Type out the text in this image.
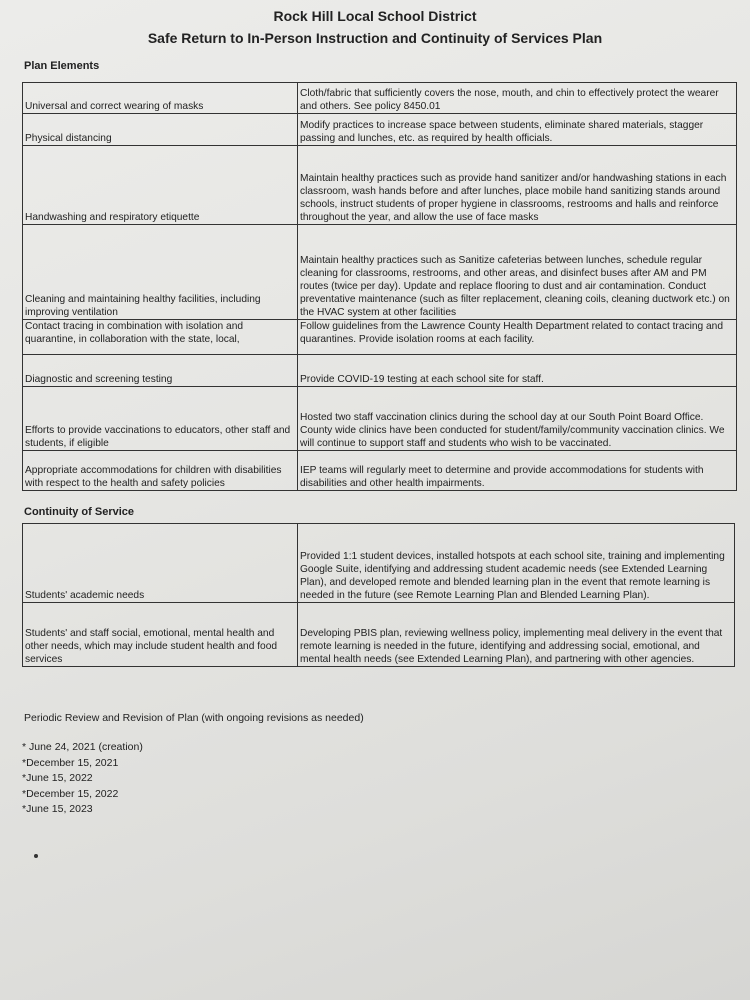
Rock Hill Local School District
Safe Return to In-Person Instruction and Continuity of Services Plan
Plan Elements
Universal and correct wearing of masks	Cloth/fabric that sufficiently covers the nose, mouth, and chin to effectively protect the wearer and others. See policy 8450.01
Physical distancing	Modify practices to increase space between students, eliminate shared materials, stagger passing and lunches, etc. as required by health officials.
Handwashing and respiratory etiquette	Maintain healthy practices such as provide hand sanitizer and/or handwashing stations in each classroom, wash hands before and after lunches, place mobile hand sanitizing stands around schools, instruct students of proper hygiene in classrooms, restrooms and halls and reinforce throughout the year, and allow the use of face masks
Cleaning and maintaining healthy facilities, including improving ventilation	Maintain healthy practices such as Sanitize cafeterias between lunches, schedule regular cleaning for classrooms, restrooms, and other areas, and disinfect buses after AM and PM routes (twice per day). Update and replace flooring to dust and air contamination. Conduct preventative maintenance (such as filter replacement, cleaning coils, cleaning ductwork etc.) on the HVAC system at other facilities
Contact tracing in combination with isolation and quarantine, in collaboration with the state, local,	Follow guidelines from the Lawrence County Health Department related to contact tracing and quarantines. Provide isolation rooms at each facility.
Diagnostic and screening testing	Provide COVID-19 testing at each school site for staff.
Efforts to provide vaccinations to educators, other staff and students, if eligible	Hosted two staff vaccination clinics during the school day at our South Point Board Office. County wide clinics have been conducted for student/family/community vaccination clinics. We will continue to support staff and students who wish to be vaccinated.
Appropriate accommodations for children with disabilities with respect to the health and safety policies	IEP teams will regularly meet to determine and provide accommodations for students with disabilities and other health impairments.
Continuity of Service
Students' academic needs	Provided 1:1 student devices, installed hotspots at each school site, training and implementing Google Suite, identifying and addressing student academic needs (see Extended Learning Plan), and developed remote and blended learning plan in the event that remote learning is needed in the future (see Remote Learning Plan and Blended Learning Plan).
Students' and staff social, emotional, mental health and other needs, which may include student health and food services	Developing PBIS plan, reviewing wellness policy, implementing meal delivery in the event that remote learning is needed in the future, identifying and addressing social, emotional, and mental health needs (see Extended Learning Plan), and partnering with other agencies.
Periodic Review and Revision of Plan (with ongoing revisions as needed)
* June 24, 2021 (creation)
*December 15, 2021
*June 15, 2022
*December 15, 2022
*June 15, 2023
